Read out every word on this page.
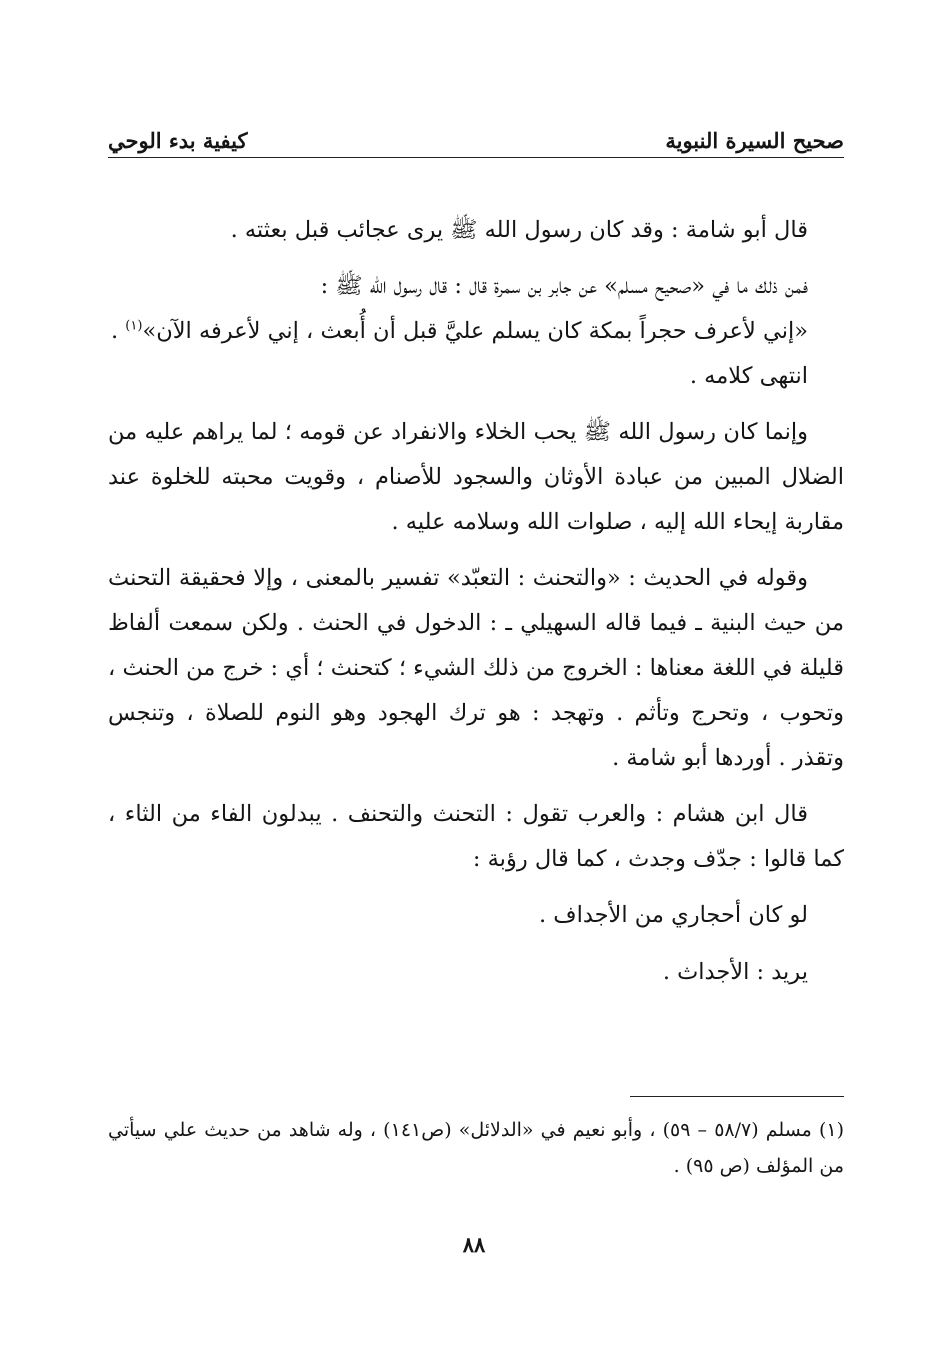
صحيح السيرة النبوية
كيفية بدء الوحي

قال أبو شامة : وقد كان رسول الله ﷺ يرى عجائب قبل بعثته .

فمن ذلك ما في «صحيح مسلم» عن جابر بن سمرة قال : قال رسول الله ﷺ :

«إني لأعرف حجراً بمكة كان يسلم عليَّ قبل أن أُبعث ، إني لأعرفه الآن»$^{(١)}$ .

انتهى كلامه .

وإنما كان رسول الله ﷺ يحب الخلاء والانفراد عن قومه ؛ لما يراهم عليه من الضلال المبين من عبادة الأوثان والسجود للأصنام ، وقويت محبته للخلوة عند مقاربة إيحاء الله إليه ، صلوات الله وسلامه عليه .

وقوله في الحديث : «والتحنث : التعبّد» تفسير بالمعنى ، وإلا فحقيقة التحنث من حيث البنية ـ فيما قاله السهيلي ـ : الدخول في الحنث . ولكن سمعت ألفاظ قليلة في اللغة معناها : الخروج من ذلك الشيء ؛ كتحنث ؛ أي : خرج من الحنث ، وتحوب ، وتحرج وتأثم . وتهجد : هو ترك الهجود وهو النوم للصلاة ، وتنجس وتقذر . أوردها أبو شامة .

قال ابن هشام : والعرب تقول : التحنث والتحنف . يبدلون الفاء من الثاء ، كما قالوا : جدّف وجدث ، كما قال رؤبة :

لو كان أحجاري من الأجداف .

يريد : الأجداث .

(١) مسلم (٥٨/٧ – ٥٩) ، وأبو نعيم في «الدلائل» (ص١٤١) ، وله شاهد من حديث علي سيأتي من المؤلف (ص ٩٥) .

٨٨
